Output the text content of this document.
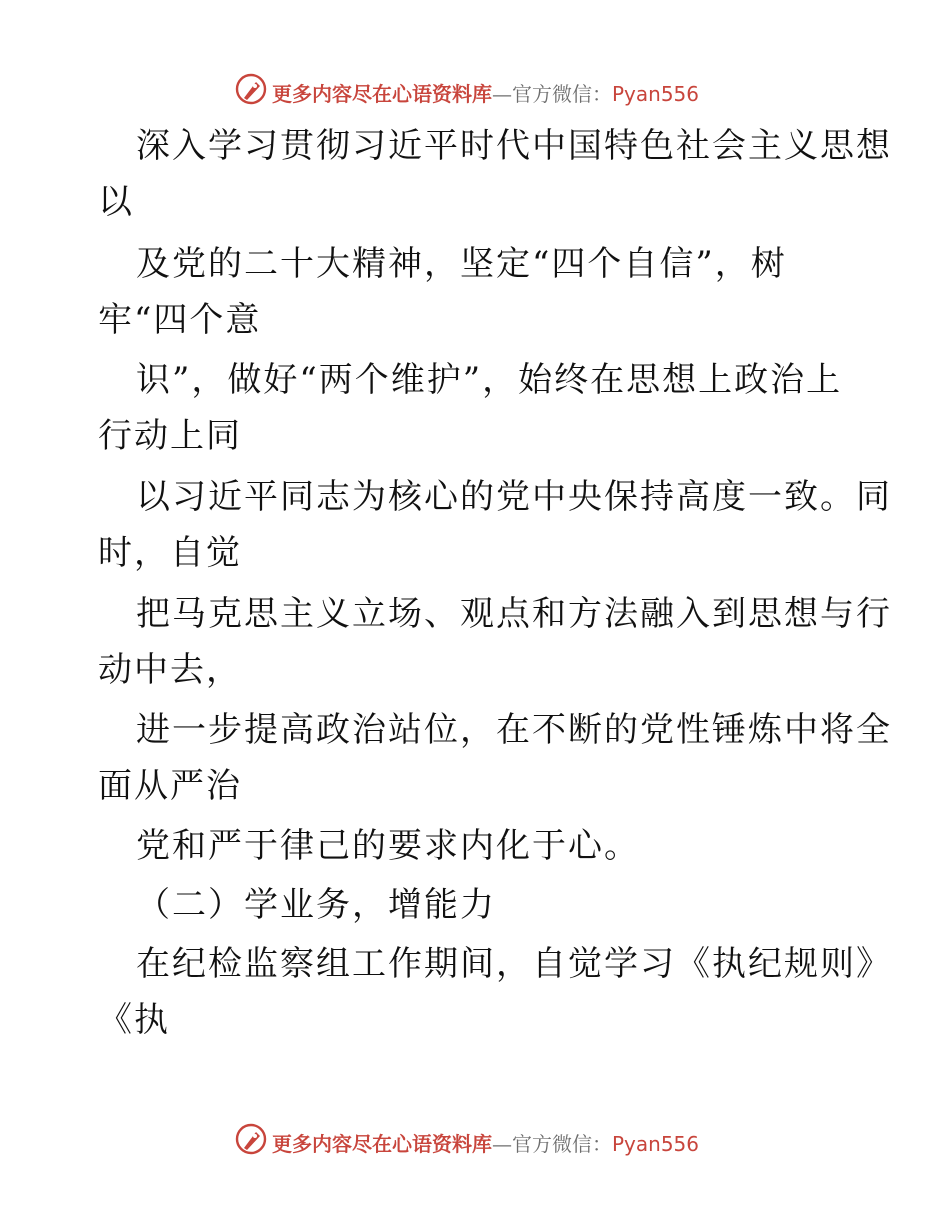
更多内容尽在心语资料库—官方微信：Pyan556
深入学习贯彻习近平时代中国特色社会主义思想
以
及党的二十大精神，坚定“四个自信”，树
牢“四个意
识”，做好“两个维护”，始终在思想上政治上
行动上同
以习近平同志为核心的党中央保持高度一致。同
时，自觉
把马克思主义立场、观点和方法融入到思想与行
动中去，
进一步提高政治站位，在不断的党性锤炼中将全
面从严治
党和严于律己的要求内化于心。
（二）学业务，增能力
在纪检监察组工作期间，自觉学习《执纪规则》
《执
更多内容尽在心语资料库—官方微信：Pyan556
